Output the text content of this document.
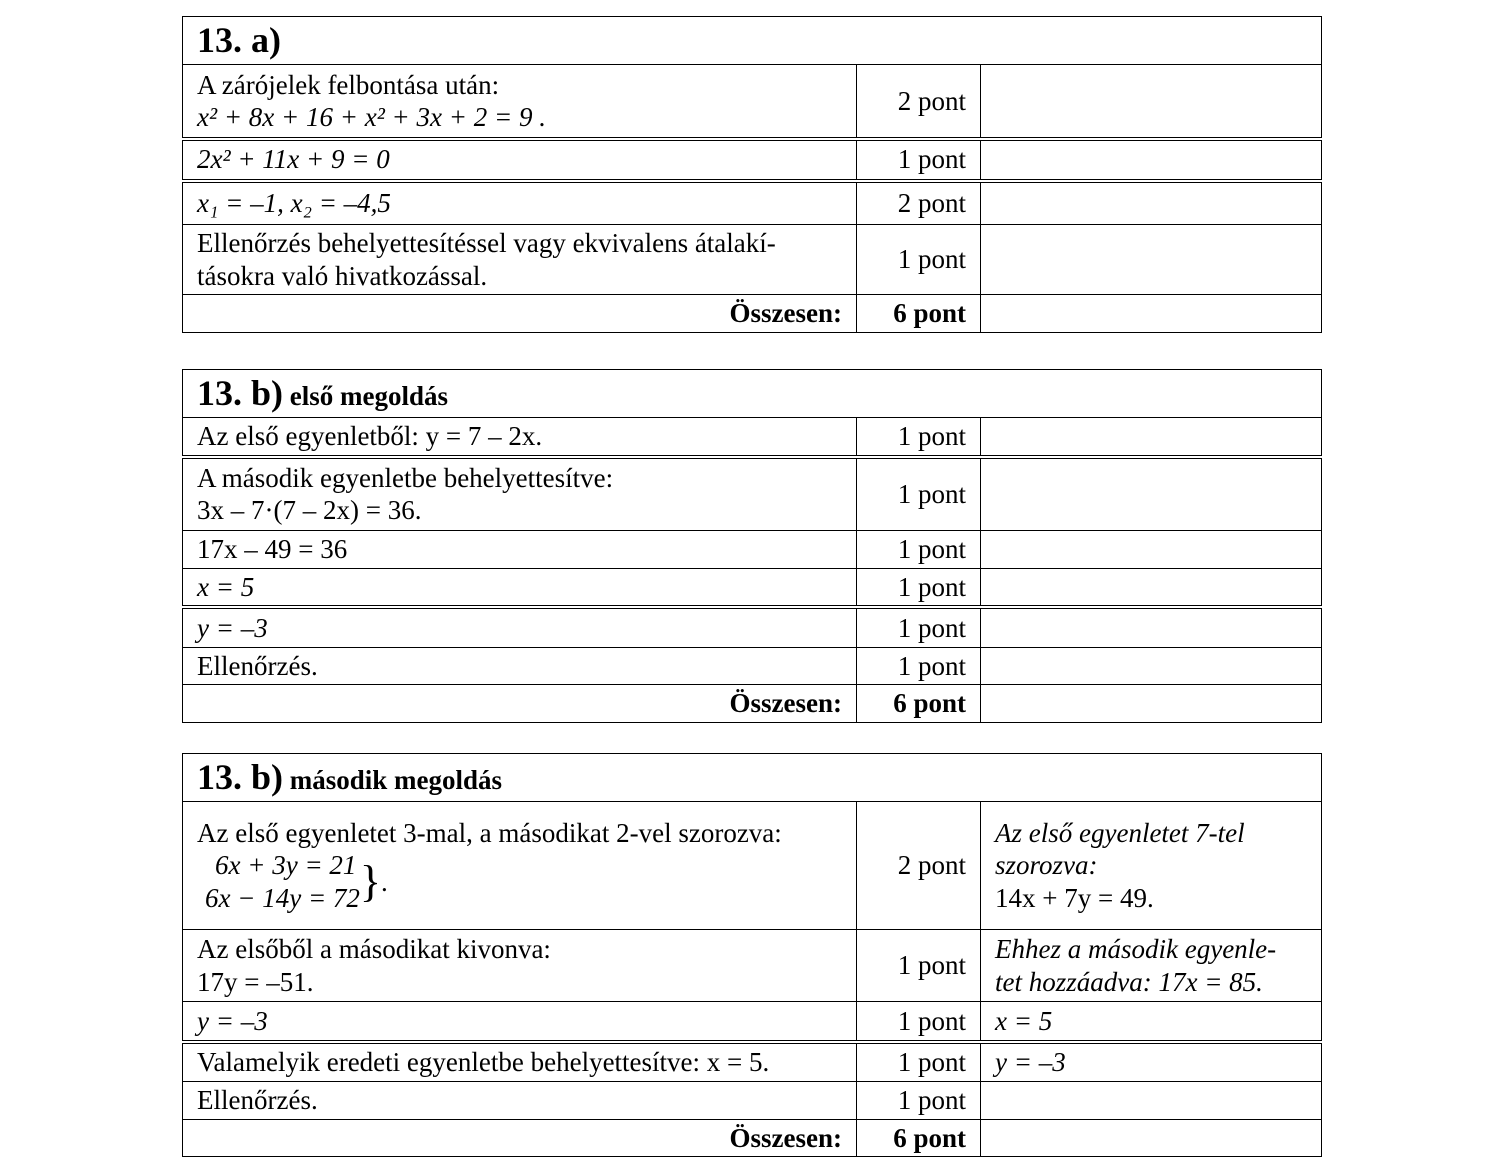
13. a)		

A zárójelek felbontása után:
x² + 8x + 16 + x² + 3x + 2 = 9 .	2 pont	

2x² + 11x + 9 = 0	1 pont	

x₁ = –1, x₂ = –4,5	2 pont	

Ellenőrzés behelyettesítéssel vagy ekvivalens átalakí-
tásokra való hivatkozással.	1 pont	
Összesen:	6 pont	
13. b) első megoldás		
Az első egyenletből: y = 7 – 2x.	1 pont	

A második egyenletbe behelyettesítve:
3x – 7·(7 – 2x) = 36.	1 pont	
17x – 49 = 36	1 pont	

x = 5	1 pont	

y = –3	1 pont	
Ellenőrzés.	1 pont	
Összesen:	6 pont	
13. b) második megoldás		

Az első egyenletet 3-mal, a másodikat 2-vel szorozva:
6x + 3y = 21
6x − 14y = 72 } .	2 pont	Az első egyenletet 7-tel
szorozva:
14x + 7y = 49.

Az elsőből a másodikat kivonva:
17y = –51.	1 pont	Ehhez a második egyenle-
tet hozzáadva: 17x = 85.

y = –3	1 pont	x = 5

Valamelyik eredeti egyenletbe behelyettesítve: x = 5.	1 pont	y = –3

Ellenőrzés.	1 pont	
Összesen:	6 pont	
